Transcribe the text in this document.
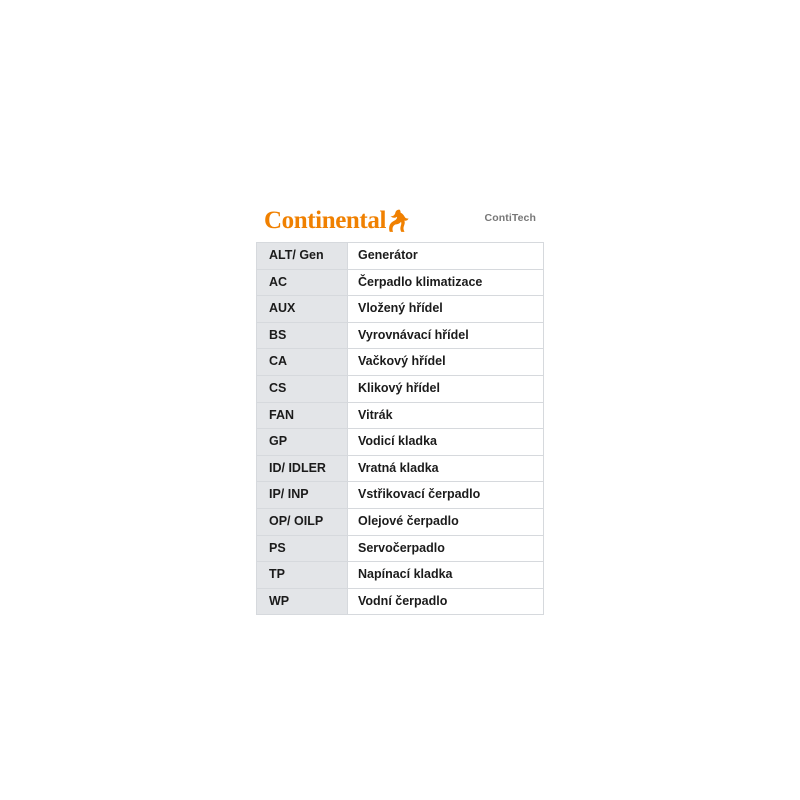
Continental	ContiTech
ALT/ Gen	Generátor
AC	Čerpadlo klimatizace
AUX	Vložený hřídel
BS	Vyrovnávací hřídel
CA	Vačkový hřídel
CS	Klikový hřídel
FAN	Vitrák
GP	Vodicí kladka
ID/ IDLER	Vratná kladka
IP/ INP	Vstřikovací čerpadlo
OP/ OILP	Olejové čerpadlo
PS	Servočerpadlo
TP	Napínací kladka
WP	Vodní čerpadlo
